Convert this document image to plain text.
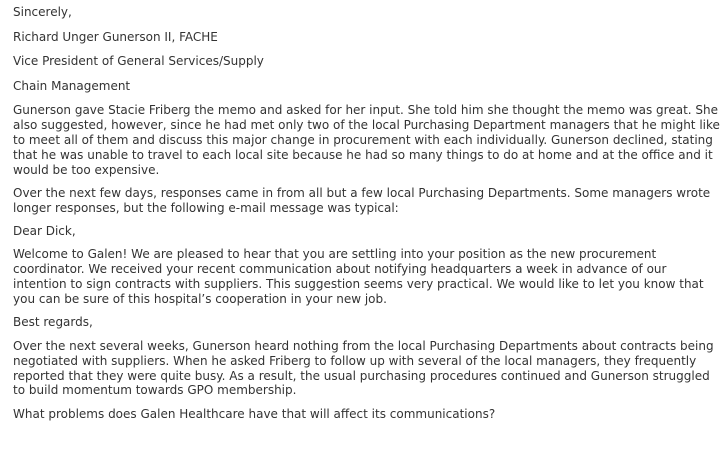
Sincerely,

Richard Unger Gunerson II, FACHE

Vice President of General Services/Supply

Chain Management

Gunerson gave Stacie Friberg the memo and asked for her input. She told him she thought the memo was great. She also suggested, however, since he had met only two of the local Purchasing Department managers that he might like to meet all of them and discuss this major change in procurement with each individually. Gunerson declined, stating that he was unable to travel to each local site because he had so many things to do at home and at the office and it would be too expensive.

Over the next few days, responses came in from all but a few local Purchasing Departments. Some managers wrote longer responses, but the following e-mail message was typical:

Dear Dick,

Welcome to Galen! We are pleased to hear that you are settling into your position as the new procurement coordinator. We received your recent communication about notifying headquarters a week in advance of our intention to sign contracts with suppliers. This suggestion seems very practical. We would like to let you know that you can be sure of this hospital’s cooperation in your new job.

Best regards,

Over the next several weeks, Gunerson heard nothing from the local Purchasing Departments about contracts being negotiated with suppliers. When he asked Friberg to follow up with several of the local managers, they frequently reported that they were quite busy. As a result, the usual purchasing procedures continued and Gunerson struggled to build momentum towards GPO membership.

What problems does Galen Healthcare have that will affect its communications?
